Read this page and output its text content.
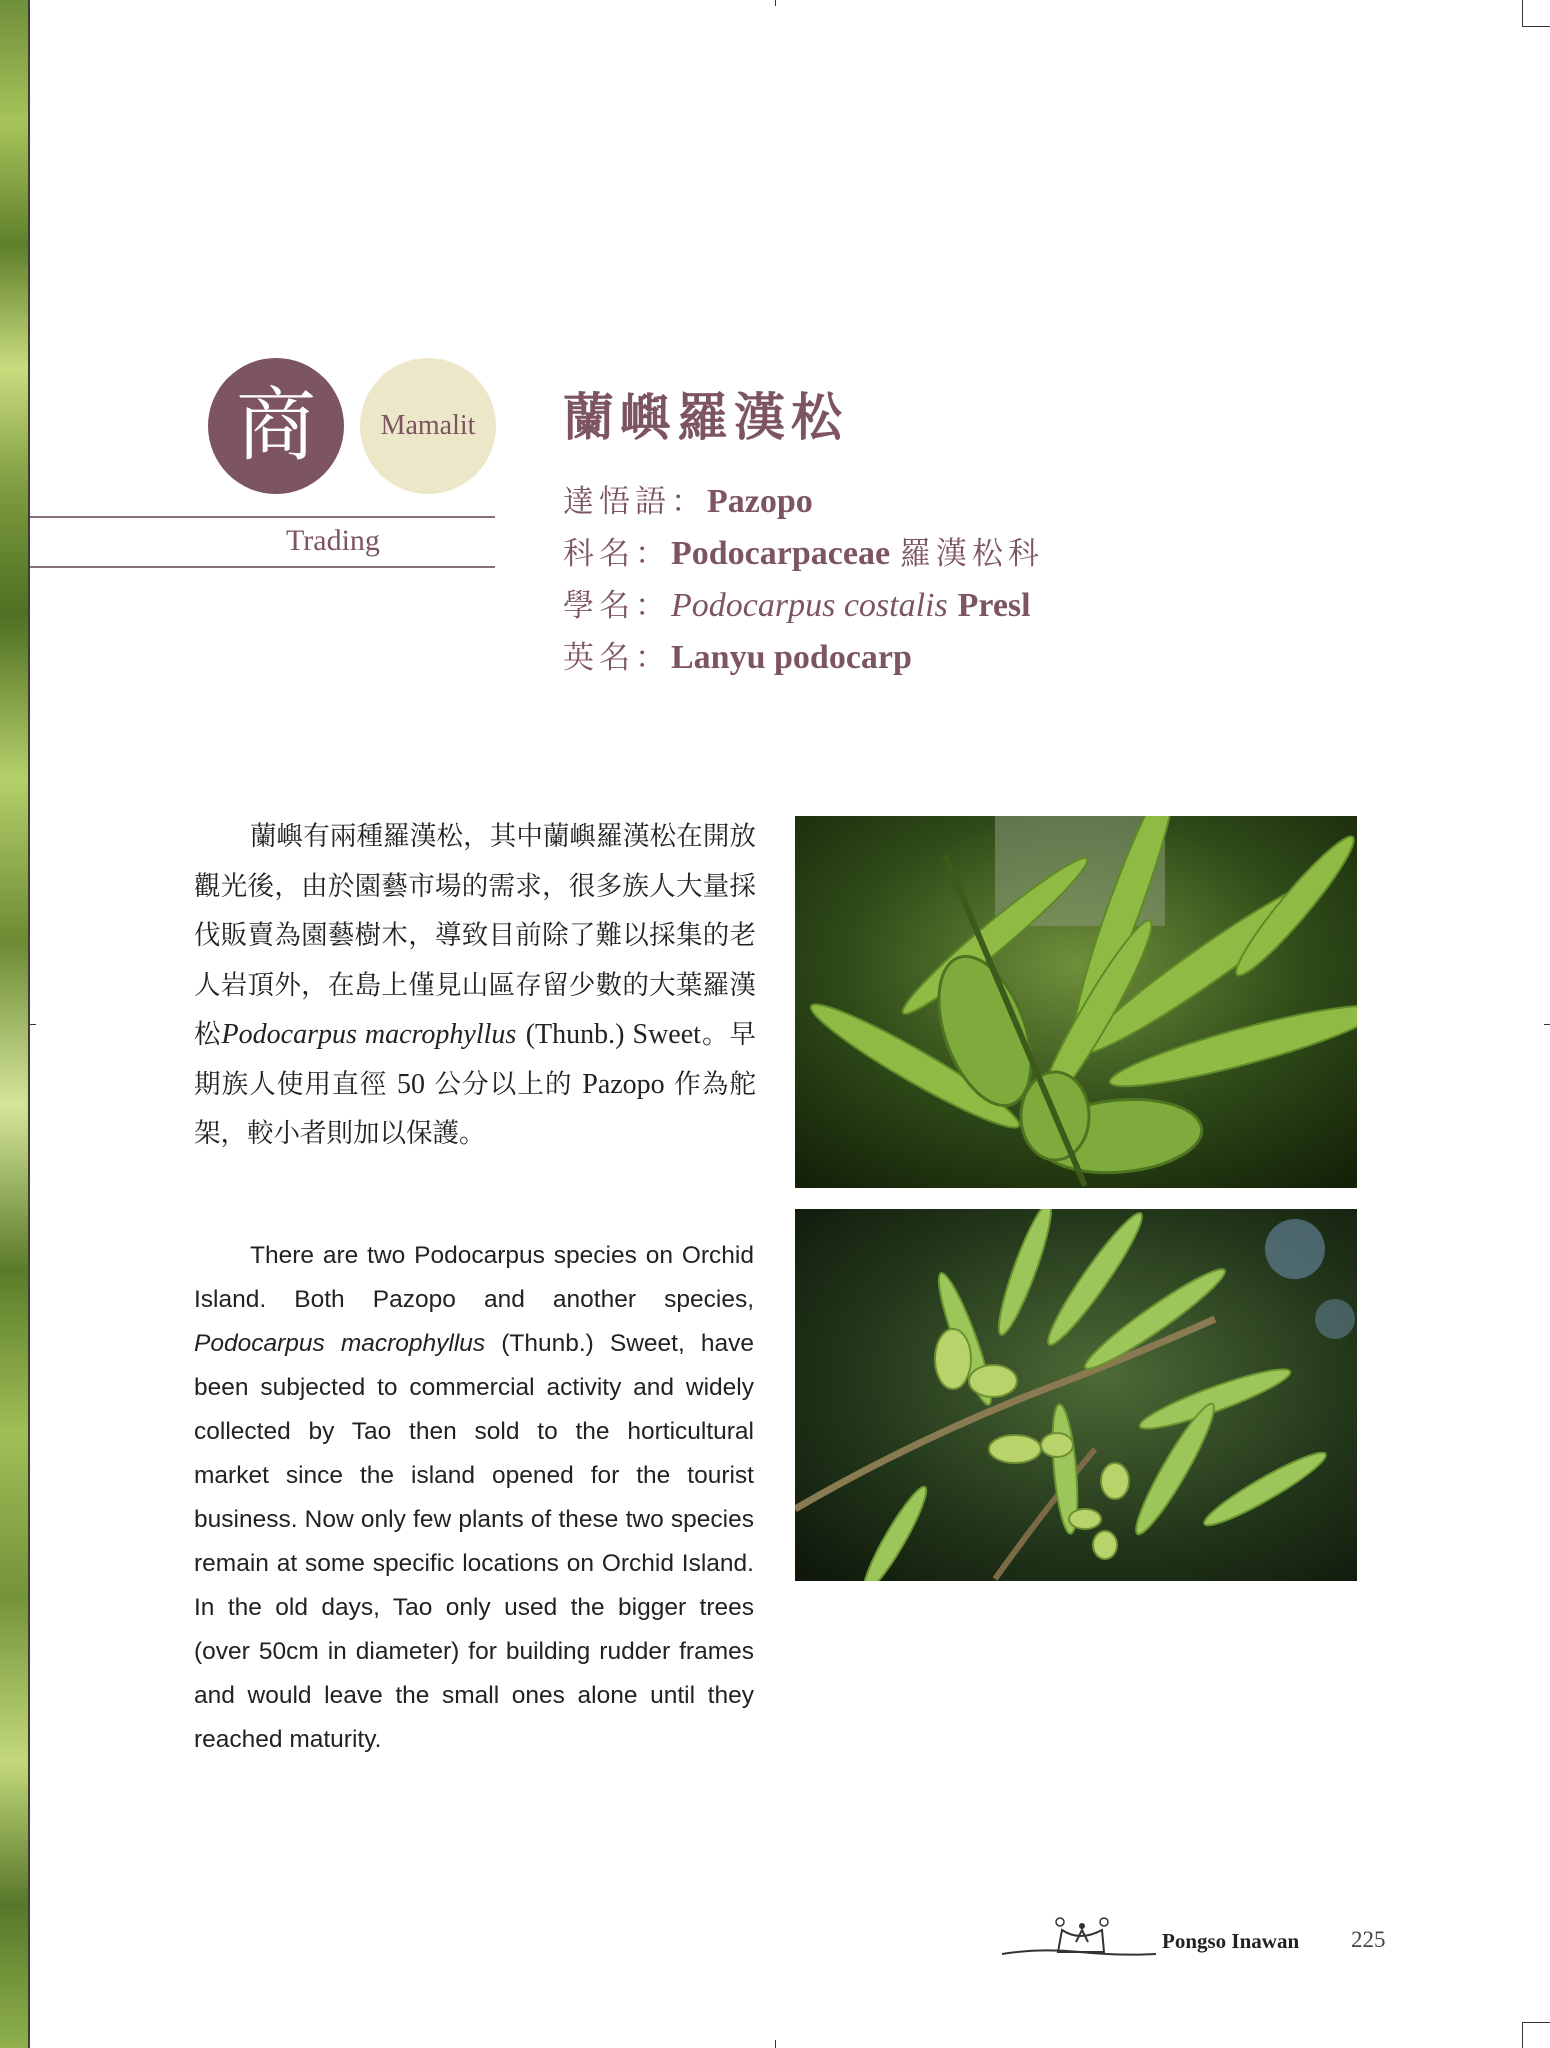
商 Mamalit
Trading
蘭嶼羅漢松
達悟語：Pazopo
科名：Podocarpaceae 羅漢松科
學名：Podocarpus costalis Presl
英名：Lanyu podocarp
蘭嶼有兩種羅漢松，其中蘭嶼羅漢松在開放觀光後，由於園藝市場的需求，很多族人大量採伐販賣為園藝樹木，導致目前除了難以採集的老人岩頂外，在島上僅見山區存留少數的大葉羅漢松Podocarpus macrophyllus (Thunb.) Sweet。早期族人使用直徑 50 公分以上的 Pazopo 作為舵架，較小者則加以保護。
There are two Podocarpus species on Orchid Island. Both Pazopo and another species, Podocarpus macrophyllus (Thunb.) Sweet, have been subjected to commercial activity and widely collected by Tao then sold to the horticultural market since the island opened for the tourist business. Now only few plants of these two species remain at some specific locations on Orchid Island. In the old days, Tao only used the bigger trees (over 50cm in diameter) for building rudder frames and would leave the small ones alone until they reached maturity.
Pongso Inawan 225
